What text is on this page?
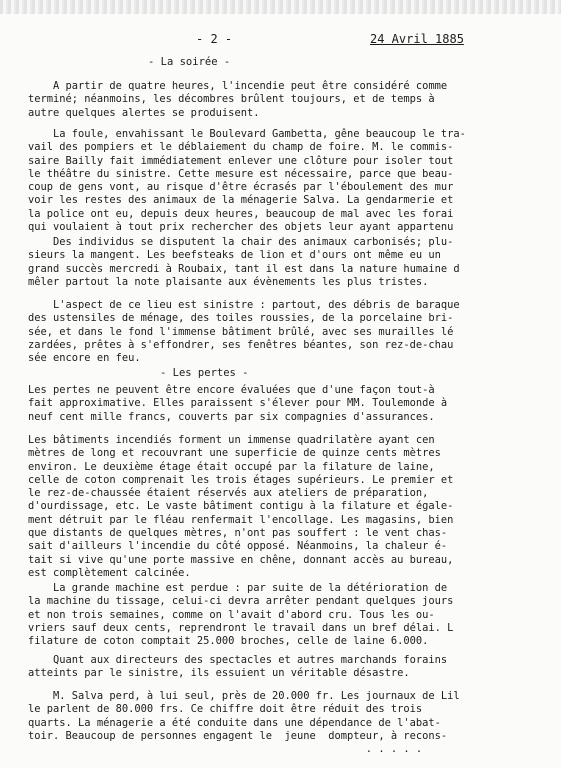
- 2 -	24 Avril 1885
- La soirée -
A partir de quatre heures, l'incendie peut être considéré comme
terminé; néanmoins, les décombres brûlent toujours, et de temps à
autre quelques alertes se produisent.
La foule, envahissant le Boulevard Gambetta, gêne beaucoup le tra-
vail des pompiers et le déblaiement du champ de foire. M. le commis-
saire Bailly fait immédiatement enlever une clôture pour isoler tout
le théâtre du sinistre. Cette mesure est nécessaire, parce que beau-
coup de gens vont, au risque d'être écrasés par l'éboulement des mur
voir les restes des animaux de la ménagerie Salva. La gendarmerie et
la police ont eu, depuis deux heures, beaucoup de mal avec les forai
qui voulaient à tout prix rechercher des objets leur ayant appartenu
Des individus se disputent la chair des animaux carbonisés; plu-
sieurs la mangent. Les beefsteaks de lion et d'ours ont même eu un
grand succès mercredi à Roubaix, tant il est dans la nature humaine d
mêler partout la note plaisante aux évènements les plus tristes.
L'aspect de ce lieu est sinistre : partout, des débris de baraque
des ustensiles de ménage, des toiles roussies, de la porcelaine bri-
sée, et dans le fond l'immense bâtiment brûlé, avec ses murailles lé
zardées, prêtes à s'effondrer, ses fenêtres béantes, son rez-de-chau
sée encore en feu.
- Les pertes -
Les pertes ne peuvent être encore évaluées que d'une façon tout-à
fait approximative. Elles paraissent s'élever pour MM. Toulemonde à
neuf cent mille francs, couverts par six compagnies d'assurances.
Les bâtiments incendiés forment un immense quadrilatère ayant cen
mètres de long et recouvrant une superficie de quinze cents mètres
environ. Le deuxième étage était occupé par la filature de laine,
celle de coton comprenait les trois étages supérieurs. Le premier et
le rez-de-chaussée étaient réservés aux ateliers de préparation,
d'ourdissage, etc. Le vaste bâtiment contigu à la filature et égale-
ment détruit par le fléau renfermait l'encollage. Les magasins, bien
que distants de quelques mètres, n'ont pas souffert : le vent chas-
sait d'ailleurs l'incendie du côté opposé. Néanmoins, la chaleur é-
tait si vive qu'une porte massive en chêne, donnant accès au bureau,
est complètement calcinée.
La grande machine est perdue : par suite de la détérioration de
la machine du tissage, celui-ci devra arrêter pendant quelques jours
et non trois semaines, comme on l'avait d'abord cru. Tous les ou-
vriers sauf deux cents, reprendront le travail dans un bref délai. L
filature de coton comptait 25.000 broches, celle de laine 6.000.
Quant aux directeurs des spectacles et autres marchands forains
atteints par le sinistre, ils essuient un véritable désastre.
M. Salva perd, à lui seul, près de 20.000 fr. Les journaux de Lil
le parlent de 80.000 frs. Ce chiffre doit être réduit des trois
quarts. La ménagerie a été conduite dans une dépendance de l'abat-
toir. Beaucoup de personnes engagent le  jeune  dompteur, à recons-
. . . . .
